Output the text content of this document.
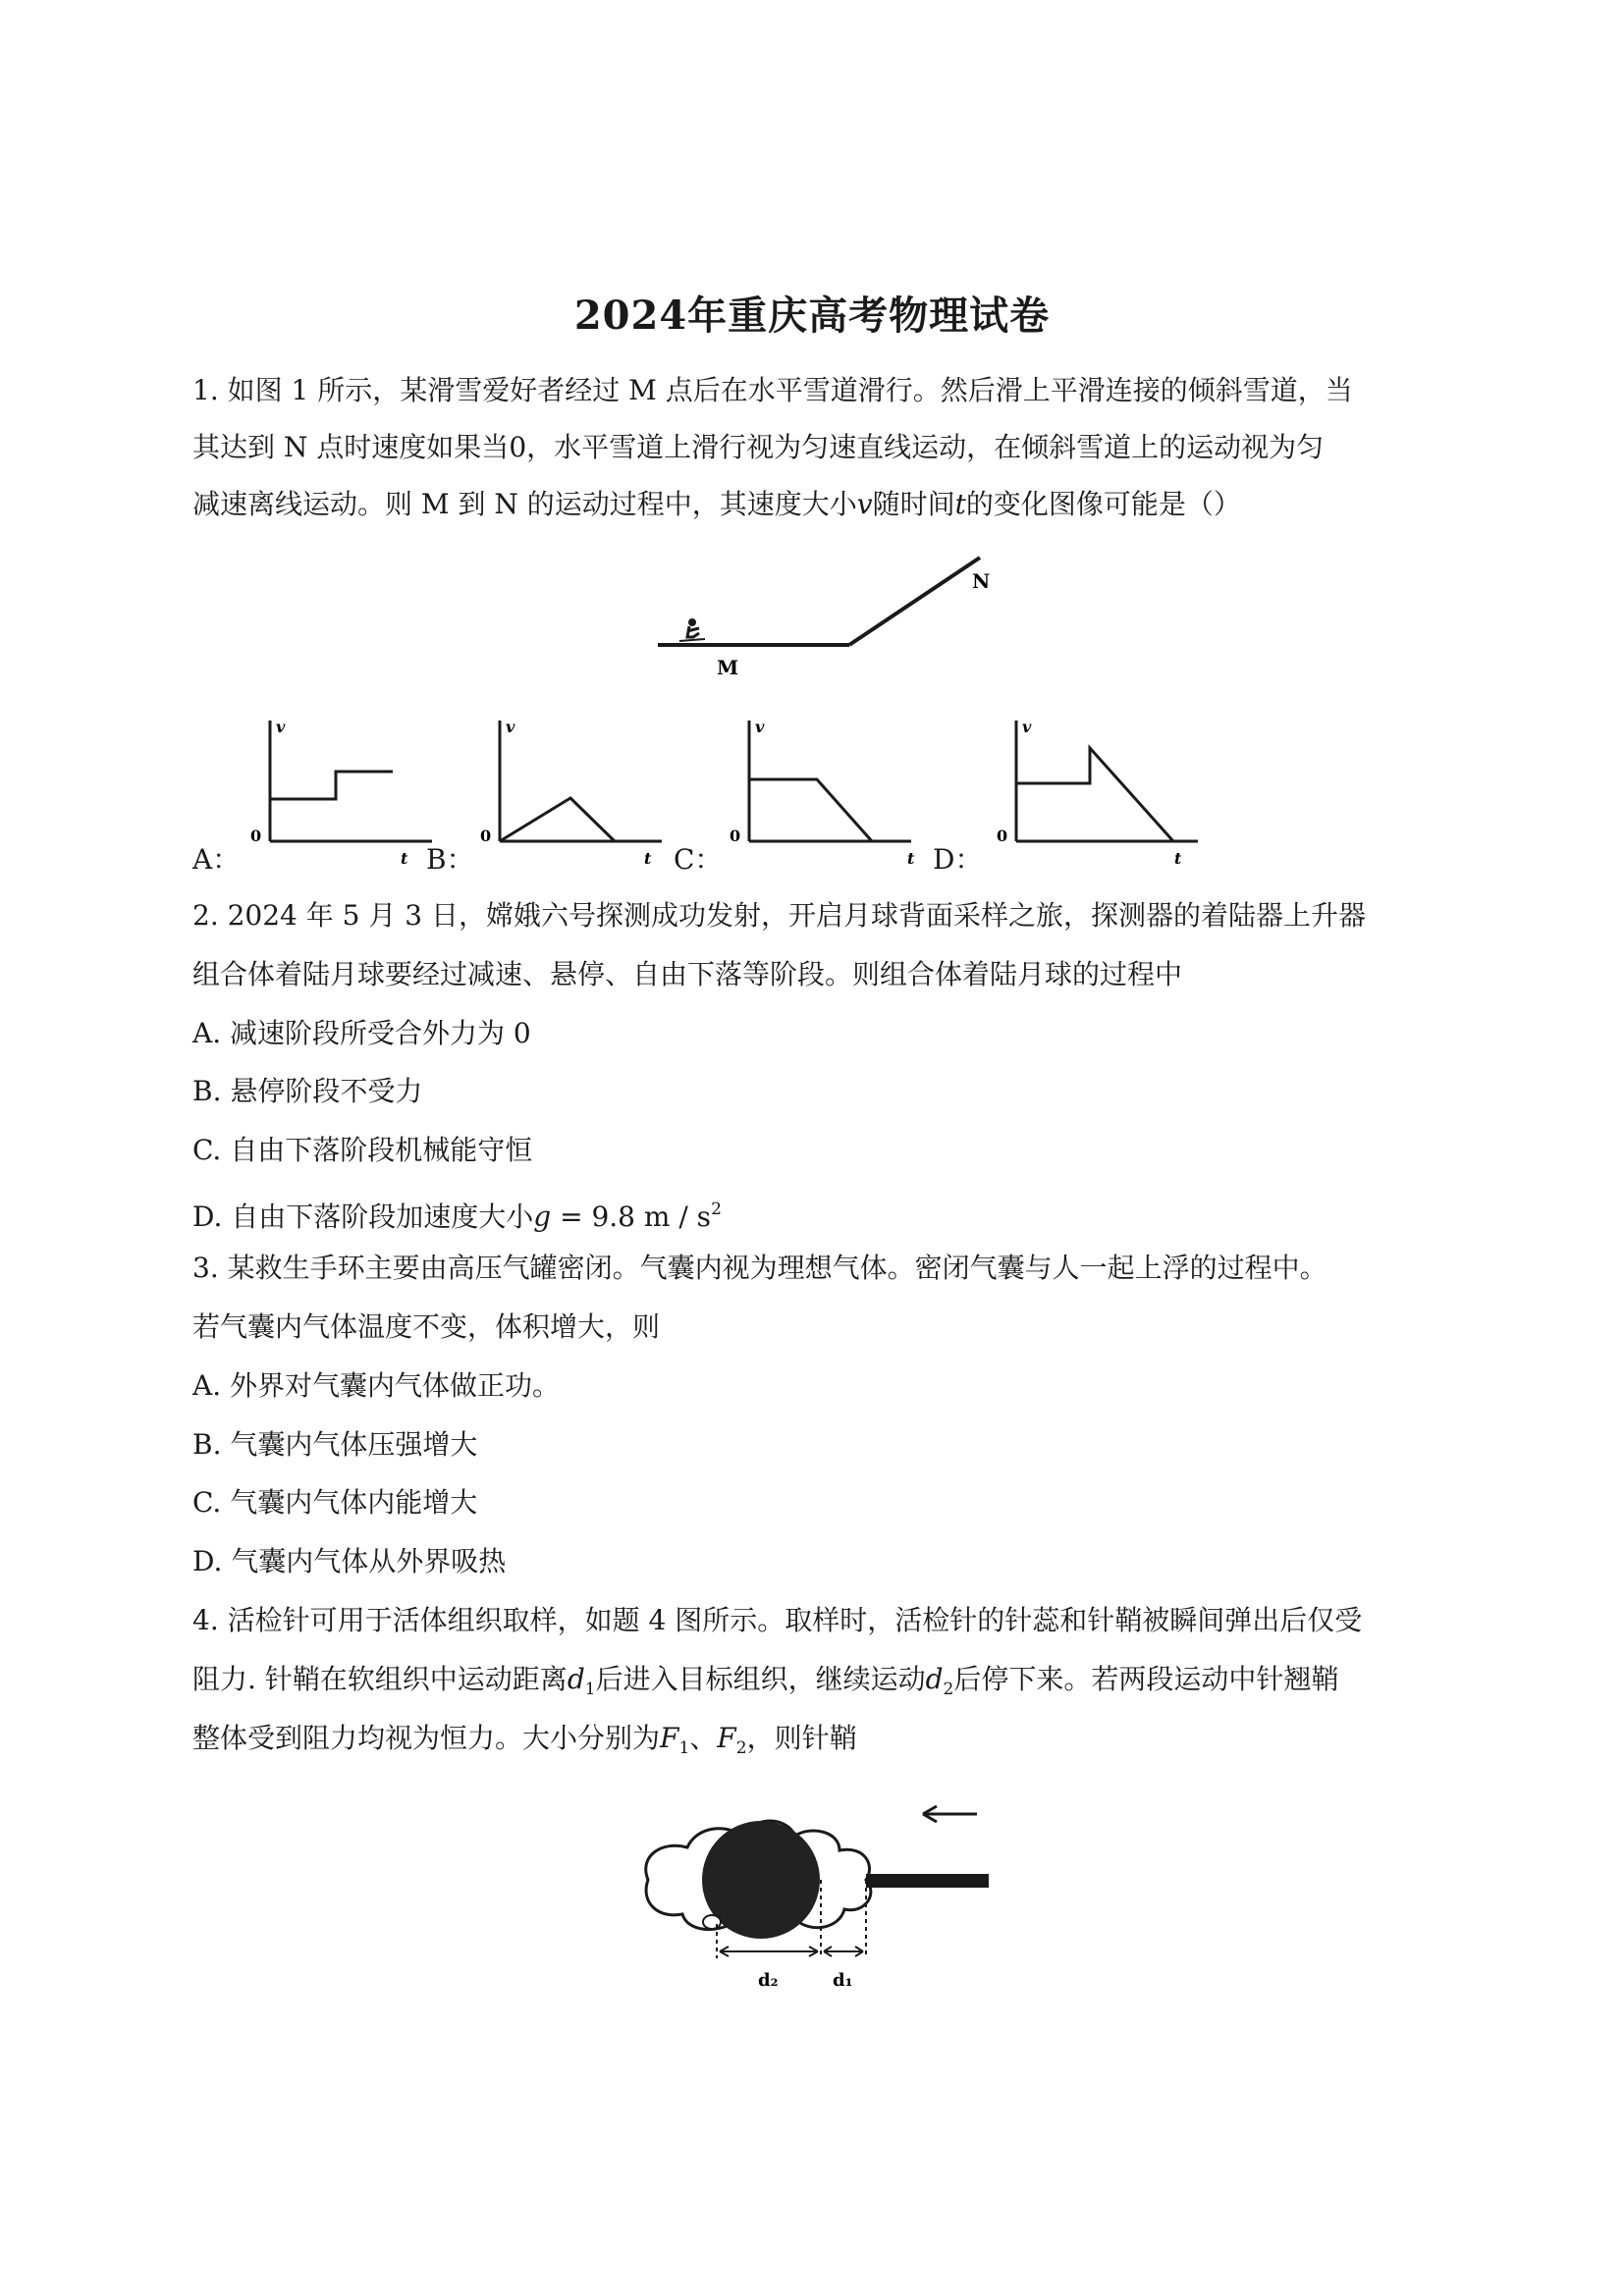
2024年重庆高考物理试卷
1. 如图 1 所示，某滑雪爱好者经过 M 点后在水平雪道滑行。然后滑上平滑连接的倾斜雪道，当
其达到 N 点时速度如果当0，水平雪道上滑行视为匀速直线运动，在倾斜雪道上的运动视为匀
减速离线运动。则 M 到 N 的运动过程中，其速度大小v随时间t的变化图像可能是（）
M
N
v
0
t
A：
v
0
t
B：
v
0
t
C：
v
0
t
D：
2. 2024 年 5 月 3 日，嫦娥六号探测成功发射，开启月球背面采样之旅，探测器的着陆器上升器
组合体着陆月球要经过减速、悬停、自由下落等阶段。则组合体着陆月球的过程中
A. 减速阶段所受合外力为 0
B. 悬停阶段不受力
C. 自由下落阶段机械能守恒
D. 自由下落阶段加速度大小g = 9.8 m / $s^2$
3. 某救生手环主要由高压气罐密闭。气囊内视为理想气体。密闭气囊与人一起上浮的过程中。
若气囊内气体温度不变，体积增大，则
A. 外界对气囊内气体做正功。
B. 气囊内气体压强增大
C. 气囊内气体内能增大
D. 气囊内气体从外界吸热
4. 活检针可用于活体组织取样，如题 4 图所示。取样时，活检针的针蕊和针鞘被瞬间弹出后仅受
阻力. 针鞘在软组织中运动距离$d_1$后进入目标组织，继续运动$d_2$后停下来。若两段运动中针翘鞘
整体受到阻力均视为恒力。大小分别为$F_1$、$F_2$，则针鞘
d₂	d₁
